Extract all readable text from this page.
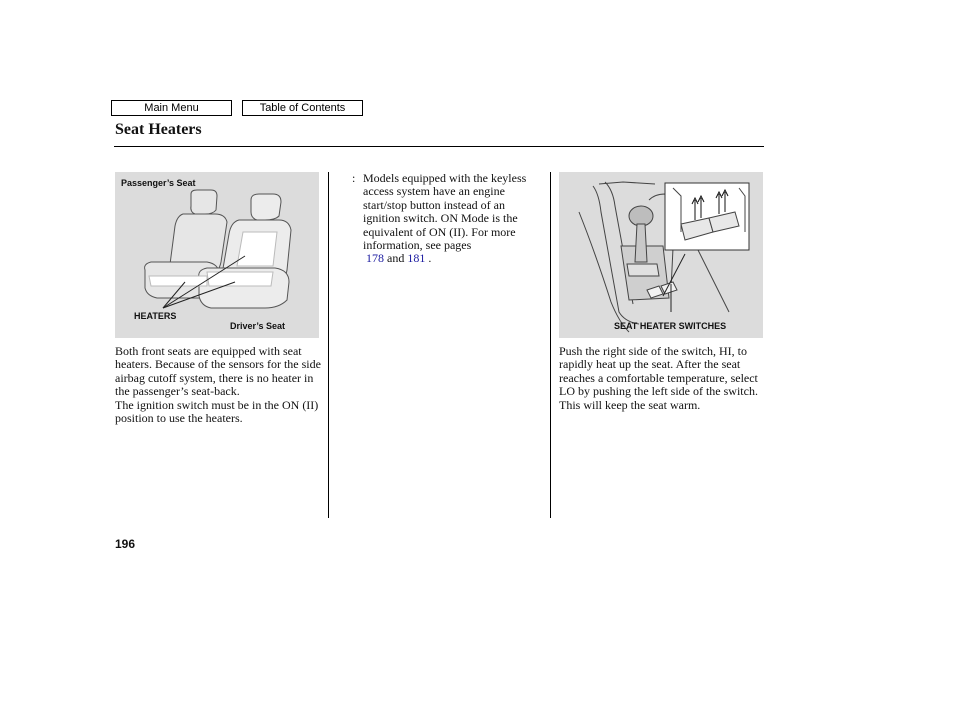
Main Menu	Table of Contents
Seat Heaters
Passenger’s Seat
HEATERS
Driver’s Seat

Both front seats are equipped with seat heaters. Because of the sensors for the side airbag cutoff system, there is no heater in the passenger’s seat-back.

The ignition switch must be in the ON (II) position to use the heaters.

: Models equipped with the keyless access system have an engine start/stop button instead of an ignition switch. ON Mode is the equivalent of ON (II). For more information, see pages
178 and 181 .
SEAT HEATER SWITCHES

Push the right side of the switch, HI, to rapidly heat up the seat. After the seat reaches a comfortable temperature, select LO by pushing the left side of the switch. This will keep the seat warm.

196
